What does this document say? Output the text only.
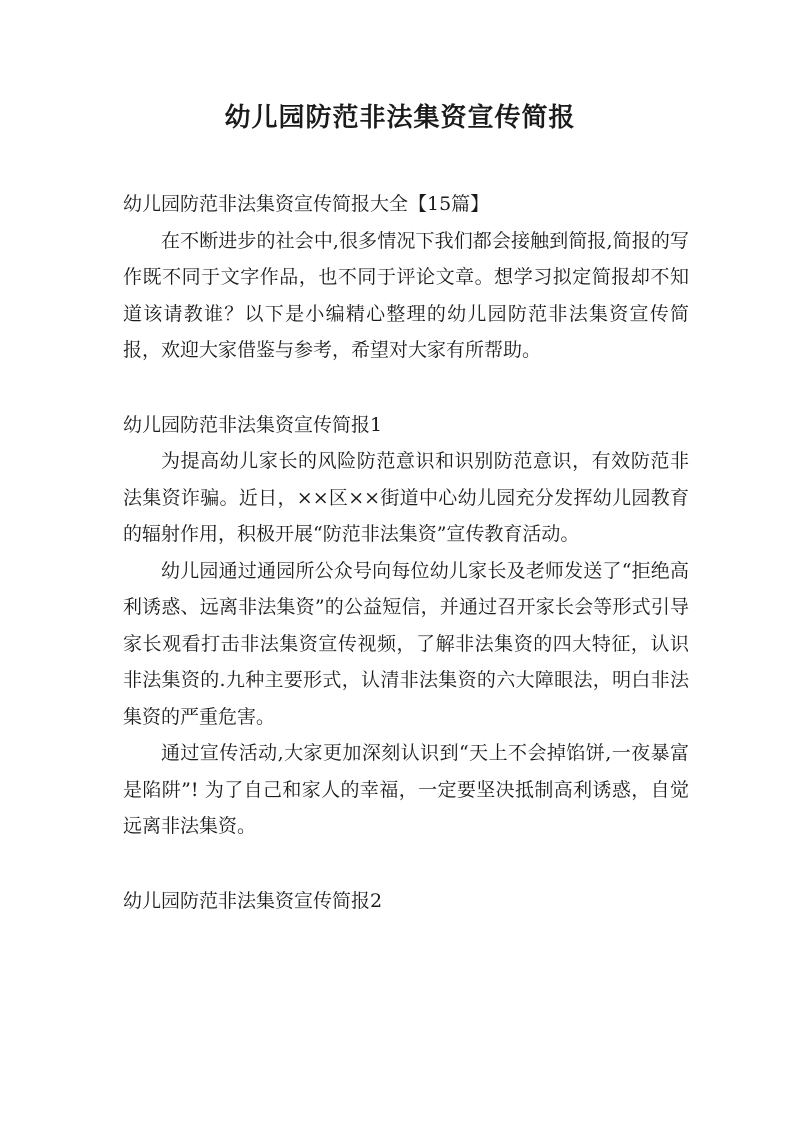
幼儿园防范非法集资宣传简报

幼儿园防范非法集资宣传简报大全【15篇】

在不断进步的社会中,很多情况下我们都会接触到简报,简报的写作既不同于文字作品，也不同于评论文章。想学习拟定简报却不知道该请教谁？以下是小编精心整理的幼儿园防范非法集资宣传简报，欢迎大家借鉴与参考，希望对大家有所帮助。

幼儿园防范非法集资宣传简报1

为提高幼儿家长的风险防范意识和识别防范意识，有效防范非法集资诈骗。近日，××区××街道中心幼儿园充分发挥幼儿园教育的辐射作用，积极开展“防范非法集资”宣传教育活动。

幼儿园通过通园所公众号向每位幼儿家长及老师发送了“拒绝高利诱惑、远离非法集资”的公益短信，并通过召开家长会等形式引导家长观看打击非法集资宣传视频，了解非法集资的四大特征，认识非法集资的.九种主要形式，认清非法集资的六大障眼法，明白非法集资的严重危害。

通过宣传活动,大家更加深刻认识到“天上不会掉馅饼,一夜暴富是陷阱”! 为了自己和家人的幸福，一定要坚决抵制高利诱惑，自觉远离非法集资。

幼儿园防范非法集资宣传简报2
